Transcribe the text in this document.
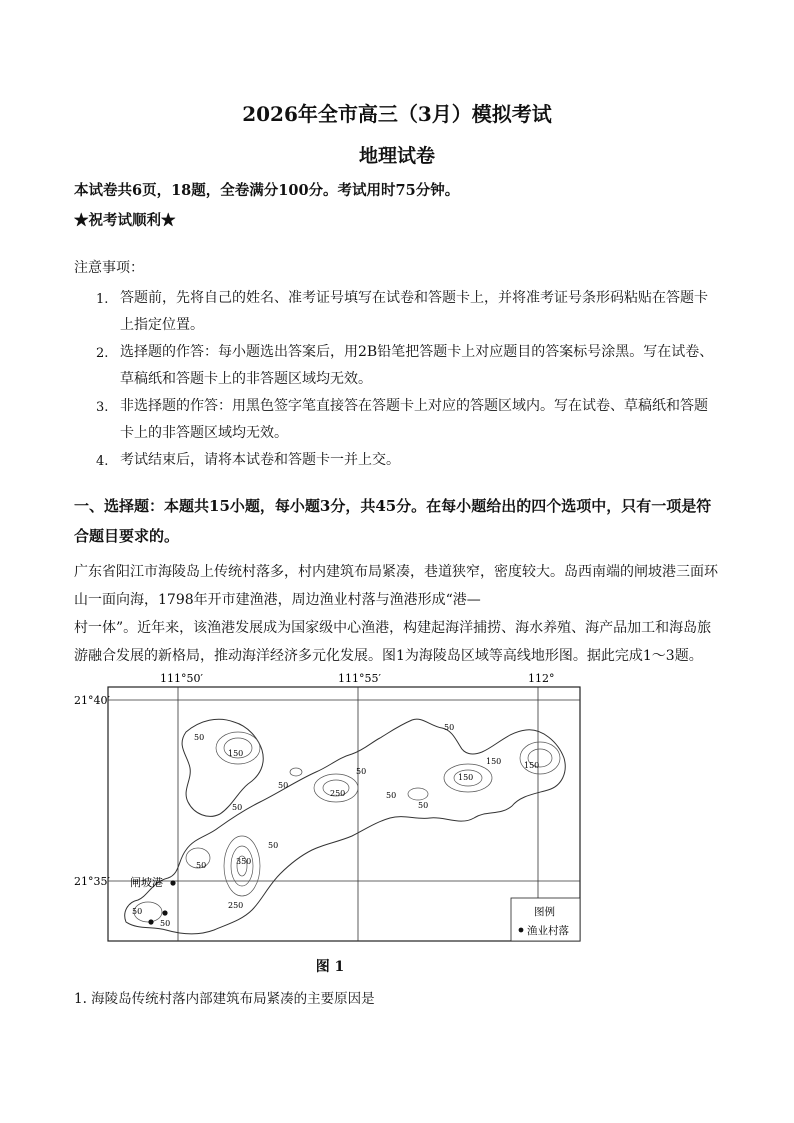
2026年全市高三（3月）模拟考试
地理试卷
本试卷共6页，18题，全卷满分100分。考试用时75分钟。
★祝考试顺利★
注意事项：
1. 答题前，先将自己的姓名、准考证号填写在试卷和答题卡上，并将准考证号条形码粘贴在答题卡上指定位置。
2. 选择题的作答：每小题选出答案后，用2B铅笔把答题卡上对应题目的答案标号涂黑。写在试卷、草稿纸和答题卡上的非答题区域均无效。
3. 非选择题的作答：用黑色签字笔直接答在答题卡上对应的答题区域内。写在试卷、草稿纸和答题卡上的非答题区域均无效。
4. 考试结束后，请将本试卷和答题卡一并上交。
一、选择题：本题共15小题，每小题3分，共45分。在每小题给出的四个选项中，只有一项是符合题目要求的。
广东省阳江市海陵岛上传统村落多，村内建筑布局紧凑，巷道狭窄，密度较大。岛西南端的闸坡港三面环
山一面向海，1798年开市建渔港，周边渔业村落与渔港形成“港—
村一体”。近年来，该渔港发展成为国家级中心渔港，构建起海洋捕捞、海水养殖、海产品加工和海岛旅
游融合发展的新格局，推动海洋经济多元化发展。图1为海陵岛区域等高线地形图。据此完成1～3题。
111°50′	111°55′	112°
21°40′
21°35′
50
150
50
50
250
50
50
150
150
50
50
150
50	350
50
50
250
50
闸坡港
图例
渔业村落
图 1
1. 海陵岛传统村落内部建筑布局紧凑的主要原因是
